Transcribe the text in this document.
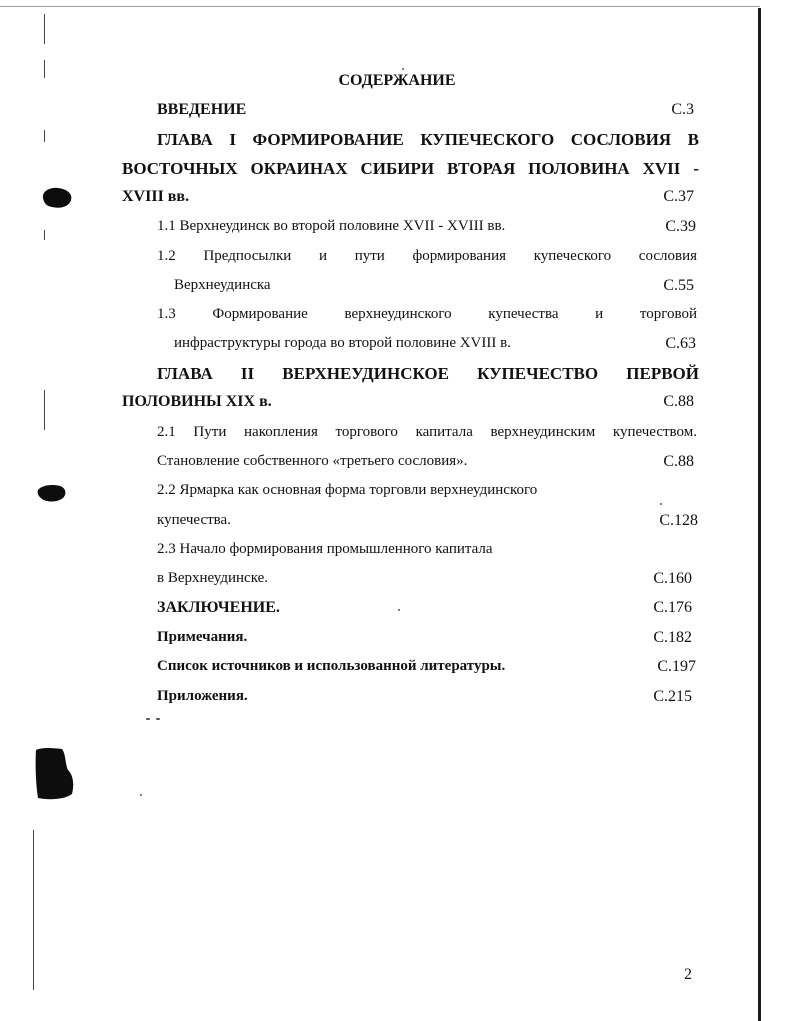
СОДЕРЖАНИЕ
ВВЕДЕНИЕ	С.3
ГЛАВА I ФОРМИРОВАНИЕ КУПЕЧЕСКОГО СОСЛОВИЯ В
ВОСТОЧНЫХ ОКРАИНАХ СИБИРИ ВТОРАЯ ПОЛОВИНА XVII -
XVIII вв.	С.37
1.1 Верхнеудинск во второй половине XVII - XVIII вв.	С.39
1.2 Предпосылки и пути формирования купеческого сословия
Верхнеудинска	С.55
1.3 Формирование верхнеудинского купечества и торговой
инфраструктуры города во второй половине XVIII в.	С.63
ГЛАВА II ВЕРХНЕУДИНСКОЕ КУПЕЧЕСТВО ПЕРВОЙ
ПОЛОВИНЫ XIX в.	С.88
2.1 Пути накопления торгового капитала верхнеудинским купечеством.
Становление собственного «третьего сословия».	С.88
2.2 Ярмарка как основная форма торговли верхнеудинского
купечества.	С.128
2.3 Начало формирования промышленного капитала
в Верхнеудинске.	С.160
ЗАКЛЮЧЕНИЕ.	С.176
Примечания.	С.182
Список источников и использованной литературы.	С.197
Приложения.	С.215
2
